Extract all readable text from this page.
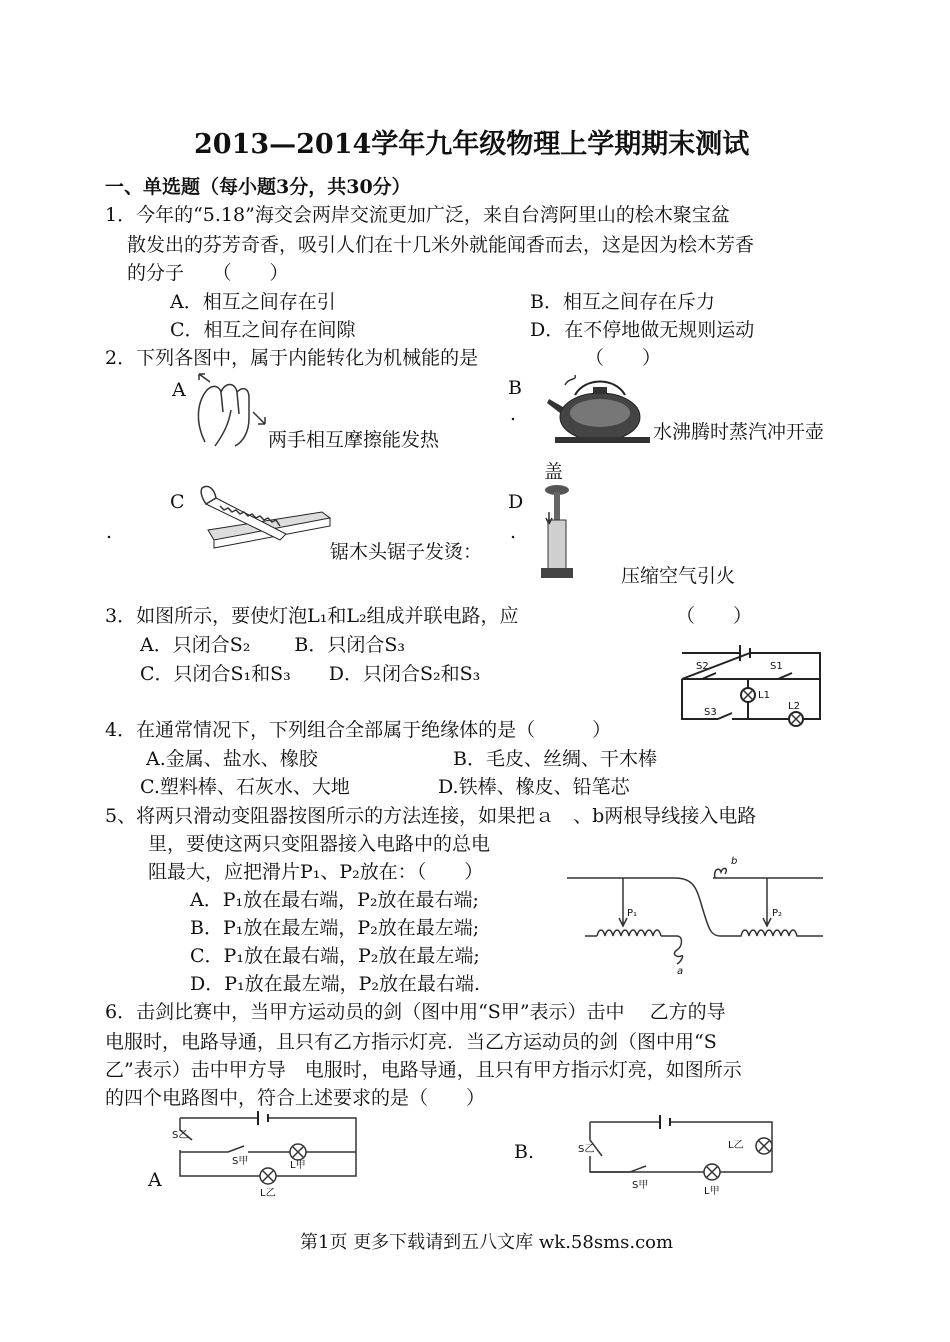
2013—2014学年九年级物理上学期期末测试
一、单选题（每小题3分，共30分）
1．今年的“5.18”海交会两岸交流更加广泛，来自台湾阿里山的桧木聚宝盆
散发出的芬芳奇香，吸引人们在十几米外就能闻香而去，这是因为桧木芳香
的分子　　（　　）
A．相互之间存在引	B．相互之间存在斥力
C．相互之间存在间隙	D．在不停地做无规则运动
2．下列各图中，属于内能转化为机械能的是	（　　）
A
两手相互摩擦能发热
B
.
水沸腾时蒸汽冲开壶
盖
C
.
锯木头锯子发烫：
D
.
压缩空气引火
3．如图所示，要使灯泡L₁和L₂组成并联电路，应	（　　）
A．只闭合S₂　　 B．只闭合S₃
C．只闭合S₁和S₃　　D．只闭合S₂和S₃	S2	S1
L1
S3
L2
4．在通常情况下，下列组合全部属于绝缘体的是（　　　）
A.金属、盐水、橡胶	B．毛皮、丝绸、干木棒
C.塑料棒、石灰水、大地	D.铁棒、橡皮、铅笔芯
5、将两只滑动变阻器按图所示的方法连接，如果把ａ　、b两根导线接入电路
里，要使这两只变阻器接入电路中的总电
阻最大，应把滑片P₁、P₂放在：（　　）
A．P₁放在最右端，P₂放在最右端;
B．P₁放在最左端，P₂放在最左端;
C．P₁放在最右端，P₂放在最左端;
D．P₁放在最左端，P₂放在最右端.
P₁	P₂
a
b
6．击剑比赛中，当甲方运动员的剑（图中用“S甲”表示）击中　 乙方的导
电服时，电路导通，且只有乙方指示灯亮．当乙方运动员的剑（图中用“S
乙”表示）击中甲方导　电服时，电路导通，且只有甲方指示灯亮，如图所示
的四个电路图中，符合上述要求的是（　　）
A
S乙
S甲	L甲
L乙
B.	S乙	L乙
S甲
L甲
第1页 更多下载请到五八文库 wk.58sms.com
